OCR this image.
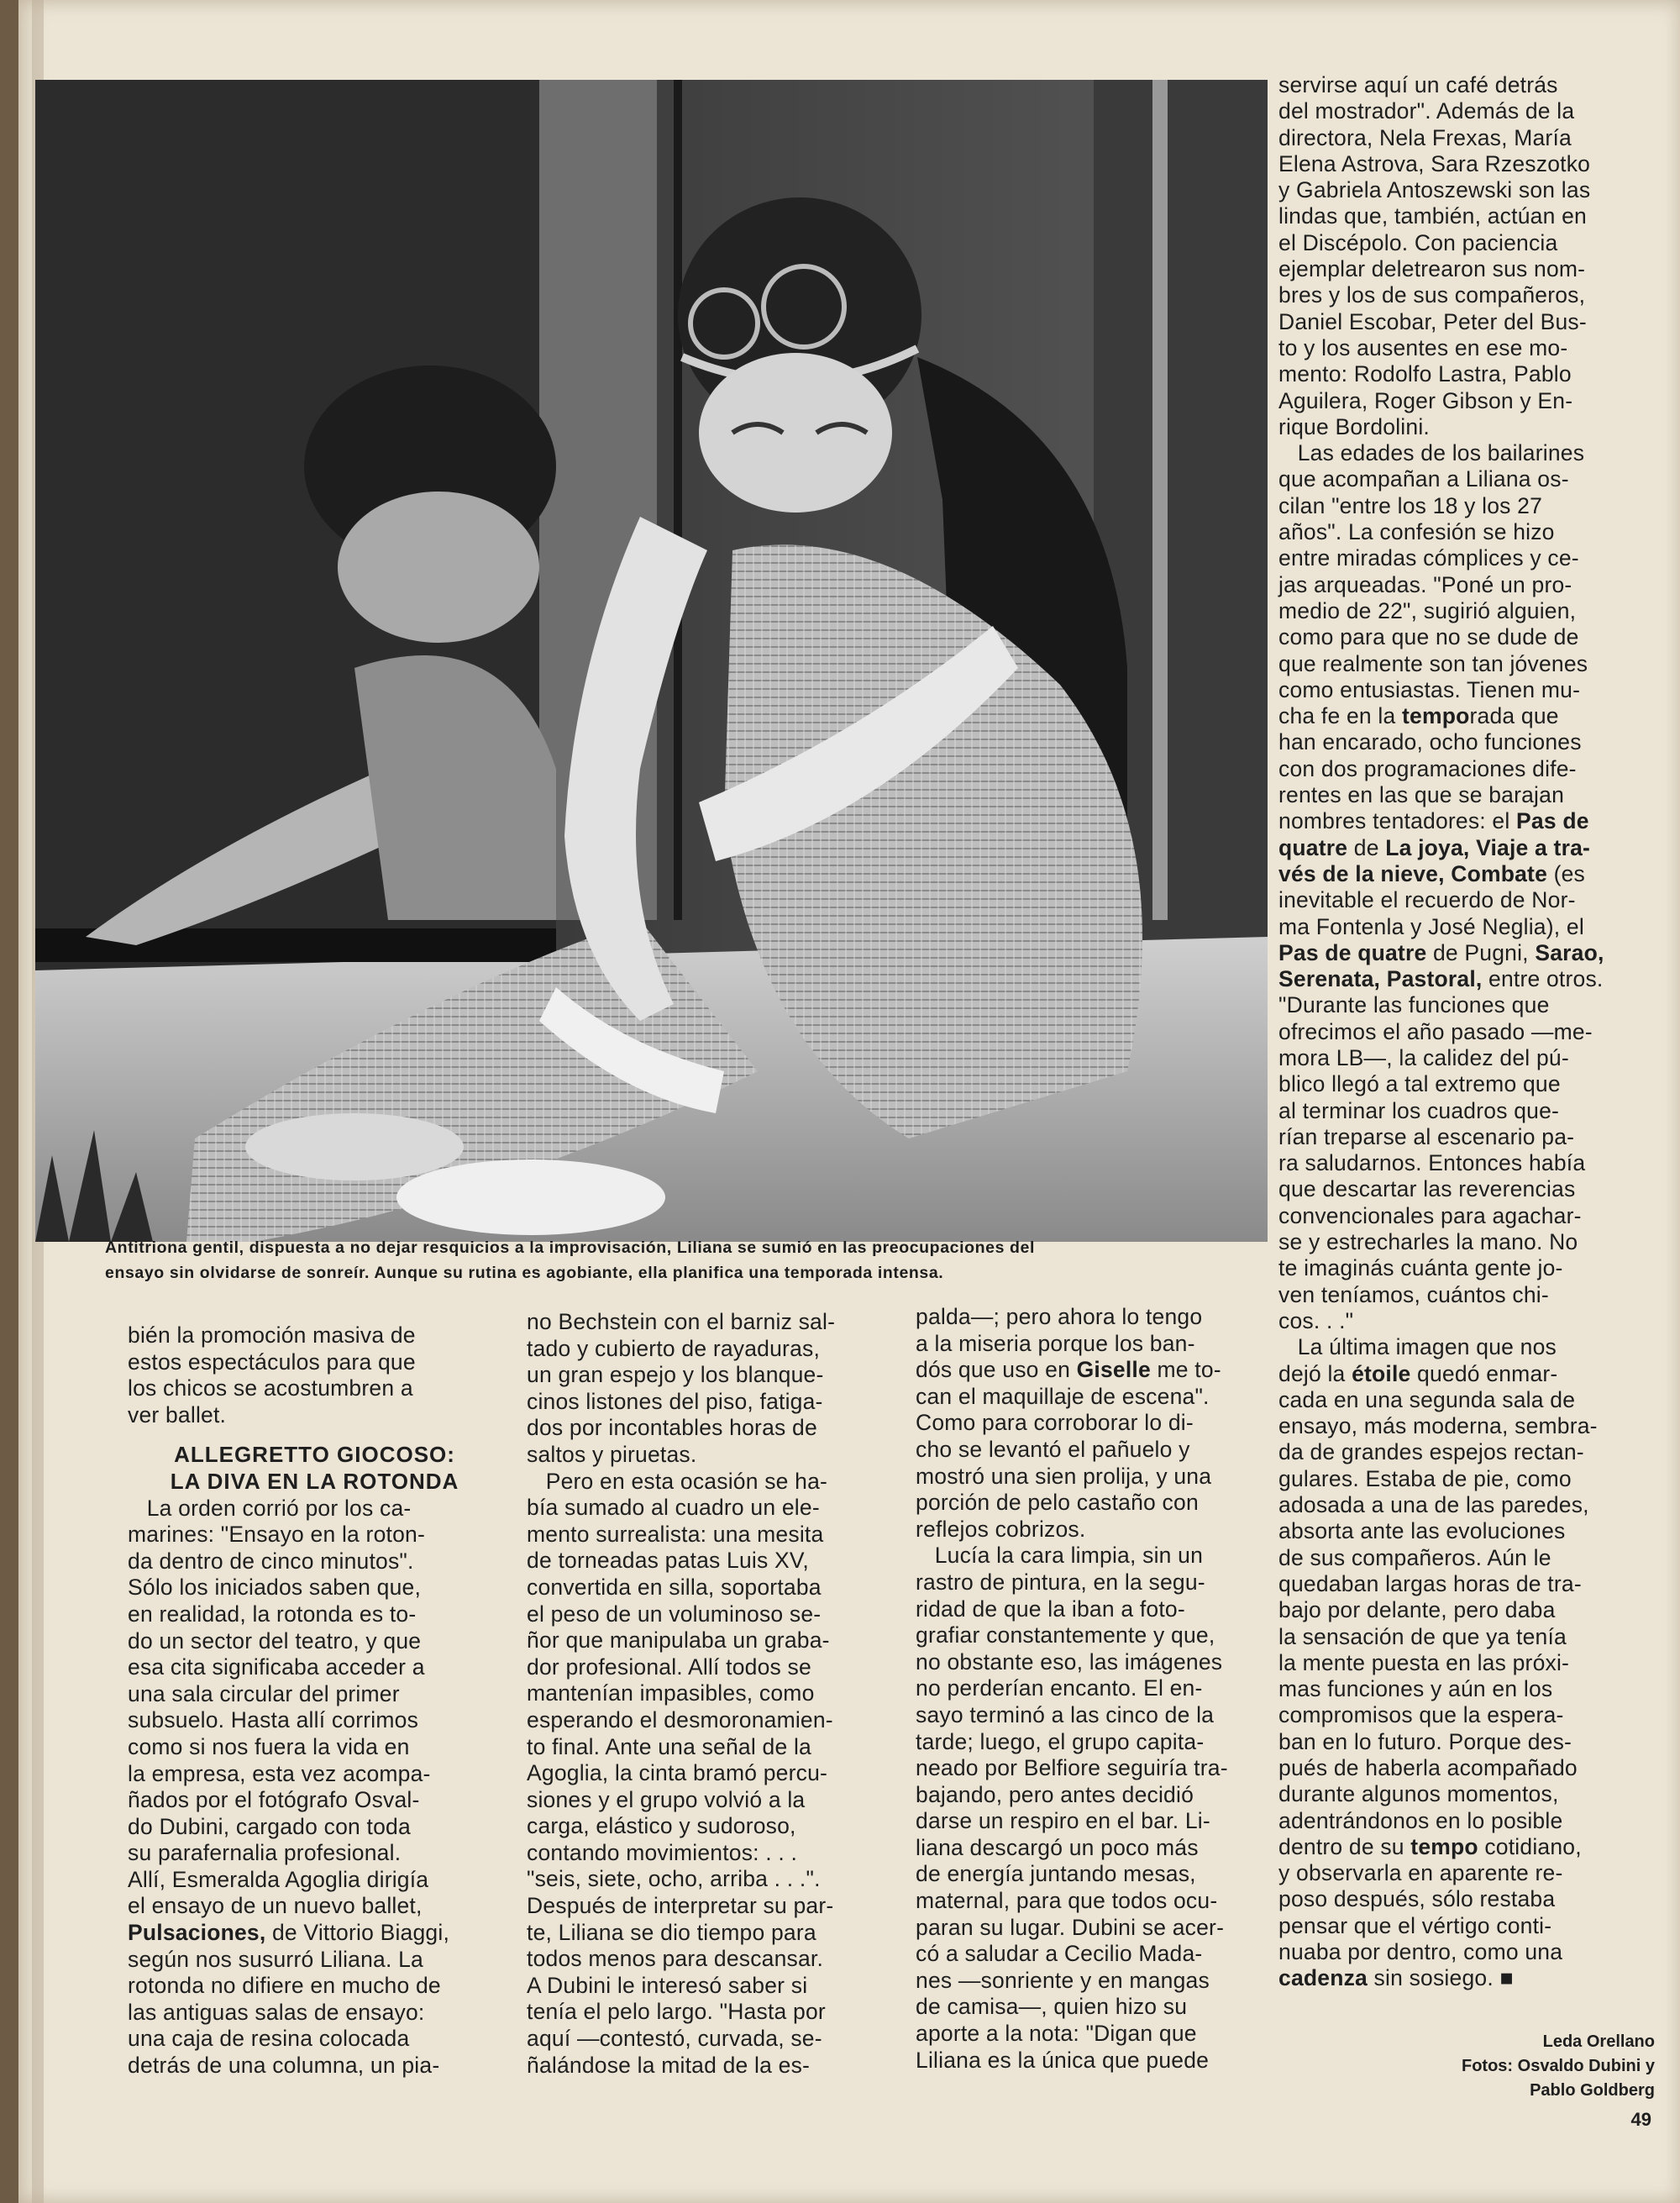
Antitriona gentil, dispuesta a no dejar resquicios a la improvisación, Liliana se sumió en las preocupaciones del
ensayo sin olvidarse de sonreír. Aunque su rutina es agobiante, ella planifica una temporada intensa.
servirse aquí un café detrás
del mostrador". Además de la
directora, Nela Frexas, María
Elena Astrova, Sara Rzeszotko
y Gabriela Antoszewski son las
lindas que, también, actúan en
el Discépolo. Con paciencia
ejemplar deletrearon sus nom-
bres y los de sus compañeros,
Daniel Escobar, Peter del Bus-
to y los ausentes en ese mo-
mento: Rodolfo Lastra, Pablo
Aguilera, Roger Gibson y En-
rique Bordolini.
Las edades de los bailarines
que acompañan a Liliana os-
cilan "entre los 18 y los 27
años". La confesión se hizo
entre miradas cómplices y ce-
jas arqueadas. "Poné un pro-
medio de 22", sugirió alguien,
como para que no se dude de
que realmente son tan jóvenes
como entusiastas. Tienen mu-
cha fe en la temporada que
han encarado, ocho funciones
con dos programaciones dife-
rentes en las que se barajan
nombres tentadores: el Pas de
quatre de La joya, Viaje a tra-
vés de la nieve, Combate (es
inevitable el recuerdo de Nor-
ma Fontenla y José Neglia), el
Pas de quatre de Pugni, Sarao,
Serenata, Pastoral, entre otros.
"Durante las funciones que
ofrecimos el año pasado —me-
mora LB—, la calidez del pú-
blico llegó a tal extremo que
al terminar los cuadros que-
rían treparse al escenario pa-
ra saludarnos. Entonces había
que descartar las reverencias
convencionales para agachar-
se y estrecharles la mano. No
te imaginás cuánta gente jo-
ven teníamos, cuántos chi-
cos. . ."
La última imagen que nos
dejó la étoile quedó enmar-
cada en una segunda sala de
ensayo, más moderna, sembra-
da de grandes espejos rectan-
gulares. Estaba de pie, como
adosada a una de las paredes,
absorta ante las evoluciones
de sus compañeros. Aún le
quedaban largas horas de tra-
bajo por delante, pero daba
la sensación de que ya tenía
la mente puesta en las próxi-
mas funciones y aún en los
compromisos que la espera-
ban en lo futuro. Porque des-
pués de haberla acompañado
durante algunos momentos,
adentrándonos en lo posible
dentro de su tempo cotidiano,
y observarla en aparente re-
poso después, sólo restaba
pensar que el vértigo conti-
nuaba por dentro, como una
cadenza sin sosiego. ■
bién la promoción masiva de
estos espectáculos para que
los chicos se acostumbren a
ver ballet.

ALLEGRETTO GIOCOSO:
LA DIVA EN LA ROTONDA
La orden corrió por los ca-
marines: "Ensayo en la roton-
da dentro de cinco minutos".
Sólo los iniciados saben que,
en realidad, la rotonda es to-
do un sector del teatro, y que
esa cita significaba acceder a
una sala circular del primer
subsuelo. Hasta allí corrimos
como si nos fuera la vida en
la empresa, esta vez acompa-
ñados por el fotógrafo Osval-
do Dubini, cargado con toda
su parafernalia profesional.
Allí, Esmeralda Agoglia dirigía
el ensayo de un nuevo ballet,
Pulsaciones, de Vittorio Biaggi,
según nos susurró Liliana. La
rotonda no difiere en mucho de
las antiguas salas de ensayo:
una caja de resina colocada
detrás de una columna, un pia-
no Bechstein con el barniz sal-
tado y cubierto de rayaduras,
un gran espejo y los blanque-
cinos listones del piso, fatiga-
dos por incontables horas de
saltos y piruetas.
Pero en esta ocasión se ha-
bía sumado al cuadro un ele-
mento surrealista: una mesita
de torneadas patas Luis XV,
convertida en silla, soportaba
el peso de un voluminoso se-
ñor que manipulaba un graba-
dor profesional. Allí todos se
mantenían impasibles, como
esperando el desmoronamien-
to final. Ante una señal de la
Agoglia, la cinta bramó percu-
siones y el grupo volvió a la
carga, elástico y sudoroso,
contando movimientos: . . .
"seis, siete, ocho, arriba . . .".
Después de interpretar su par-
te, Liliana se dio tiempo para
todos menos para descansar.
A Dubini le interesó saber si
tenía el pelo largo. "Hasta por
aquí —contestó, curvada, se-
ñalándose la mitad de la es-
palda—; pero ahora lo tengo
a la miseria porque los ban-
dós que uso en Giselle me to-
can el maquillaje de escena".
Como para corroborar lo di-
cho se levantó el pañuelo y
mostró una sien prolija, y una
porción de pelo castaño con
reflejos cobrizos.
Lucía la cara limpia, sin un
rastro de pintura, en la segu-
ridad de que la iban a foto-
grafiar constantemente y que,
no obstante eso, las imágenes
no perderían encanto. El en-
sayo terminó a las cinco de la
tarde; luego, el grupo capita-
neado por Belfiore seguiría tra-
bajando, pero antes decidió
darse un respiro en el bar. Li-
liana descargó un poco más
de energía juntando mesas,
maternal, para que todos ocu-
paran su lugar. Dubini se acer-
có a saludar a Cecilio Mada-
nes —sonriente y en mangas
de camisa—, quien hizo su
aporte a la nota: "Digan que
Liliana es la única que puede
Leda Orellano
Fotos: Osvaldo Dubini y
Pablo Goldberg
49
